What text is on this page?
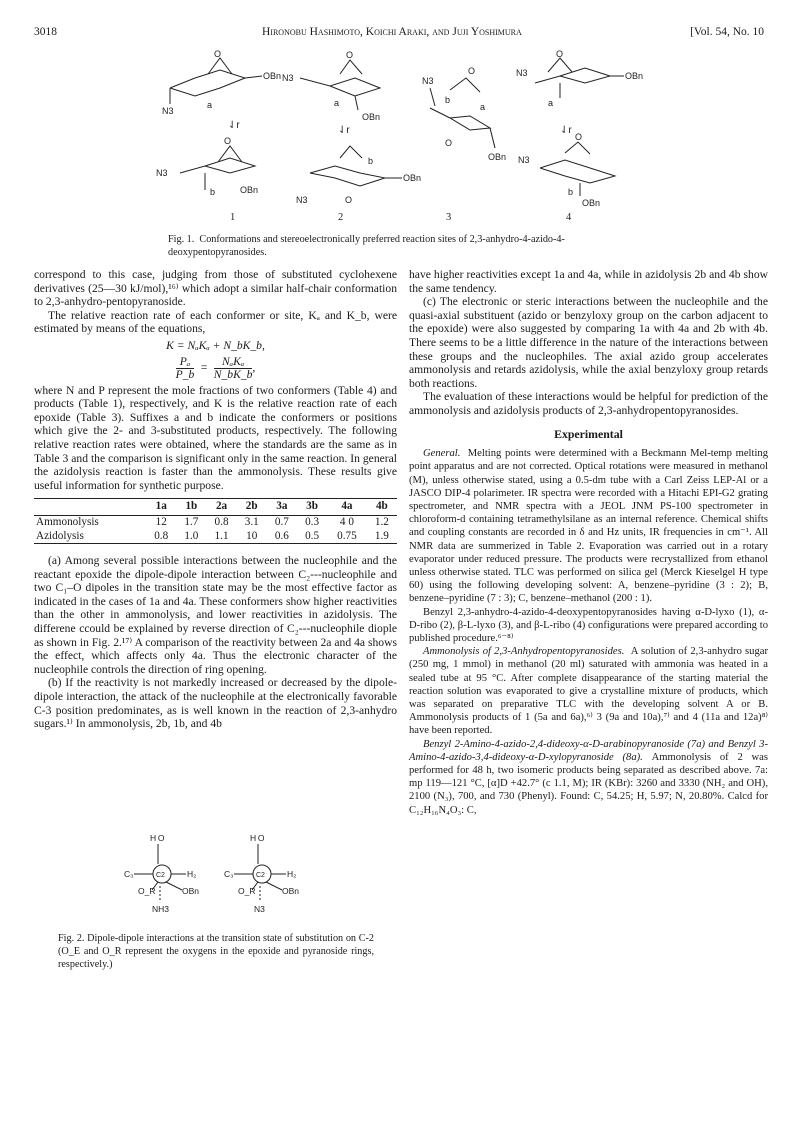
3018	Hironobu Hashimoto, Koichi Araki, and Juji Yoshimura	[Vol. 54, No. 10
O
OBn
N3
a
⇃r
N3
O
OBn
b
N3
O
OBn
a
⇃r
N3	O
OBn
b
N3
O
OBn
O
b
a
N3
O
OBn
a
⇃r
N3
O
OBn
b
1	2	3	4
Fig. 1. Conformations and stereoelectronically preferred reaction sites of 2,3-anhydro-4-azido-4-deoxypentopyranosides.

correspond to this case, judging from those of substituted cyclohexene derivatives (25—30 kJ/mol),¹⁶⁾ which adopt a similar half-chair conformation to 2,3-anhydro-pentopyranoside.

The relative reaction rate of each conformer or site, Kₐ and K_b, were estimated by means of the equations,

K = NₐKₐ + N_bK_b,
$\frac{\text{Pₐ}}{P\_b} = \frac{\text{NₐKₐ}}{N\_bK\_b}$ ,

where N and P represent the mole fractions of two conformers (Table 4) and products (Table 1), respectively, and K is the relative reaction rate of each epoxide (Table 3). Suffixes a and b indicate the conformers or positions which give the 2- and 3-substituted products, respectively. The following relative reaction rates were obtained, where the standards are the same as in Table 3 and the comparison is significant only in the same reaction. In general the azidolysis reaction is faster than the ammonolysis. These results give useful information for synthetic purpose.

	1a	1b	2a	2b	3a	3b	4a	4b
Ammonolysis	12	1.7	0.8	3.1	0.7	0.3	4 0	1.2
Azidolysis	0.8	1.0	1.1	10	0.6	0.5	0.75	1.9

(a) Among several possible interactions between the nucleophile and the reactant epoxide the dipole-dipole interaction between C₂---nucleophile and two C₁–O dipoles in the transition state may be the most effective factor as indicated in the cases of 1a and 4a. These conformers show higher reactivities than the other in ammonolysis, and lower reactivities in azidolysis. The differene ccould be explained by reverse direction of C₂---nucleophile diople as shown in Fig. 2.¹⁷⁾ A comparison of the reactivity between 2a and 4a shows the effect, which affects only 4a. Thus the electronic character of the nucleophile controls the direction of ring opening.

(b) If the reactivity is not markedly increased or decreased by the dipole-dipole interaction, the attack of the nucleophile at the electronically favorable C-3 position predominates, as is well known in the reaction of 2,3-anhydro sugars.¹⁾ In ammonolysis, 2b, 1b, and 4b

H O
C₃	C2	H₂
O_R	OBn
NH3
H O
C₃	C2	H₂
O_R	OBn
N3
Fig. 2. Dipole-dipole interactions at the transition state of substitution on C-2 (O_E and O_R represent the oxygens in the epoxide and pyranoside rings, respectively.)

have higher reactivities except 1a and 4a, while in azidolysis 2b and 4b show the same tendency.

(c) The electronic or steric interactions between the nucleophile and the quasi-axial substituent (azido or benzyloxy group on the carbon adjacent to the epoxide) were also suggested by comparing 1a with 4a and 2b with 4b. There seems to be a little difference in the nature of the interactions between these groups and the nucleophiles. The axial azido group accelerates ammonolysis and retards azidolysis, while the axial benzyloxy group retards both reactions.

The evaluation of these interactions would be helpful for prediction of the ammonolysis and azidolysis products of 2,3-anhydropentopyranosides.

Experimental

General. Melting points were determined with a Beckmann Mel-temp melting point apparatus and are not corrected. Optical rotations were measured in methanol (M), unless otherwise stated, using a 0.5-dm tube with a Carl Zeiss LEP-Al or a JASCO DIP-4 polarimeter. IR spectra were recorded with a Hitachi EPI-G2 grating spectrometer, and NMR spectra with a JEOL JNM PS-100 spectrometer in chloroform-d containing tetramethylsilane as an internal reference. Chemical shifts and coupling constants are recorded in δ and Hz units, IR frequencies in cm⁻¹. All NMR data are summerized in Table 2. Evaporation was carried out in a rotary evaporator under reduced pressure. The products were recrystallized from ethanol unless otherwise stated. TLC was performed on silica gel (Merck Kieselgel H type 60) using the following developing solvent: A, benzene–pyridine (3 : 2); B, benzene–pyridine (7 : 3); C, benzene–methanol (200 : 1).

Benzyl 2,3-anhydro-4-azido-4-deoxypentopyranosides having α-D-lyxo (1), α-D-ribo (2), β-L-lyxo (3), and β-L-ribo (4) configurations were prepared according to published procedure.⁶⁻⁸⁾

Ammonolysis of 2,3-Anhydropentopyranosides. A solution of 2,3-anhydro sugar (250 mg, 1 mmol) in methanol (20 ml) saturated with ammonia was heated in a sealed tube at 95 °C. After complete disappearance of the starting material the reaction solution was evaporated to give a crystalline mixture of products, which was separated on preparative TLC with the developing solvent A or B. Ammonolysis products of 1 (5a and 6a),⁶⁾ 3 (9a and 10a),⁷⁾ and 4 (11a and 12a)⁸⁾ have been reported.

Benzyl 2-Amino-4-azido-2,4-dideoxy-α-D-arabinopyranoside (7a) and Benzyl 3-Amino-4-azido-3,4-dideoxy-α-D-xylopyranoside (8a). Ammonolysis of 2 was performed for 48 h, two isomeric products being separated as described above. 7a: mp 119—121 °C, [α]D +42.7° (c 1.1, M); IR (KBr): 3260 and 3330 (NH₂ and OH), 2100 (N₃), 700, and 730 (Phenyl). Found: C, 54.25; H, 5.97; N, 20.80%. Calcd for C₁₂H₁₆N₄O₃: C,
